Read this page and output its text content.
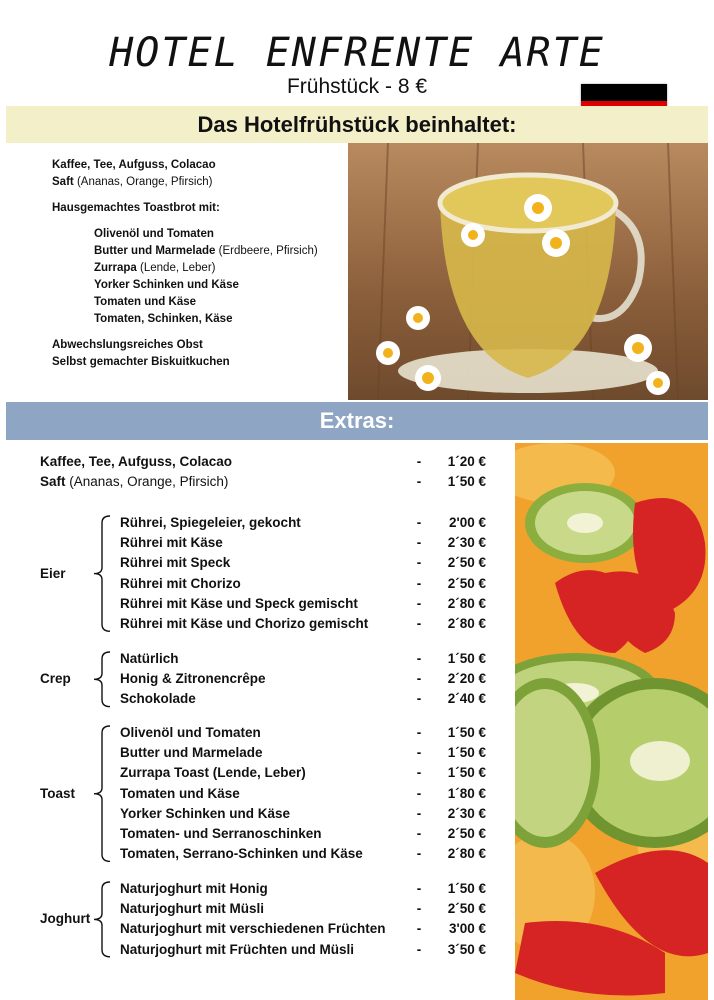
HOTEL ENFRENTE ARTE
Frühstück - 8 €
Das Hotelfrühstück beinhaltet:
Kaffee, Tee, Aufguss, Colacao
Saft (Ananas, Orange, Pfirsich)
Hausgemachtes Toastbrot mit:
Olivenöl und Tomaten
Butter und Marmelade (Erdbeere, Pfirsich)
Zurrapa (Lende, Leber)
Yorker Schinken und Käse
Tomaten und Käse
Tomaten, Schinken, Käse
Abwechslungsreiches Obst
Selbst gemachter Biskuitkuchen
Extras:
Kaffee, Tee, Aufguss, Colacao	-	1´20 €
Saft (Ananas, Orange, Pfirsich)	-	1´50 €
Rührei, Spiegeleier, gekocht	-	2'00 €
Rührei mit Käse	-	2´30 €
Rührei mit Speck	-	2´50 €
Rührei mit Chorizo	-	2´50 €
Rührei mit Käse und Speck gemischt	-	2´80 €
Rührei mit Käse und Chorizo gemischt	-	2´80 €
Eier
Natürlich	-	1´50 €
Honig & Zitronencrêpe	-	2´20 €
Schokolade	-	2´40 €
Crep
Olivenöl und Tomaten	-	1´50 €
Butter und Marmelade	-	1´50 €
Zurrapa Toast (Lende, Leber)	-	1´50 €
Tomaten und Käse	-	1´80 €
Yorker Schinken und Käse	-	2´30 €
Tomaten- und Serranoschinken	-	2´50 €
Tomaten, Serrano-Schinken und Käse	-	2´80 €
Toast
Naturjoghurt mit Honig	-	1´50 €
Naturjoghurt mit Müsli	-	2´50 €
Naturjoghurt mit verschiedenen Früchten -	3'00 €
Naturjoghurt mit Früchten und Müsli	-	3´50 €
Joghurt
